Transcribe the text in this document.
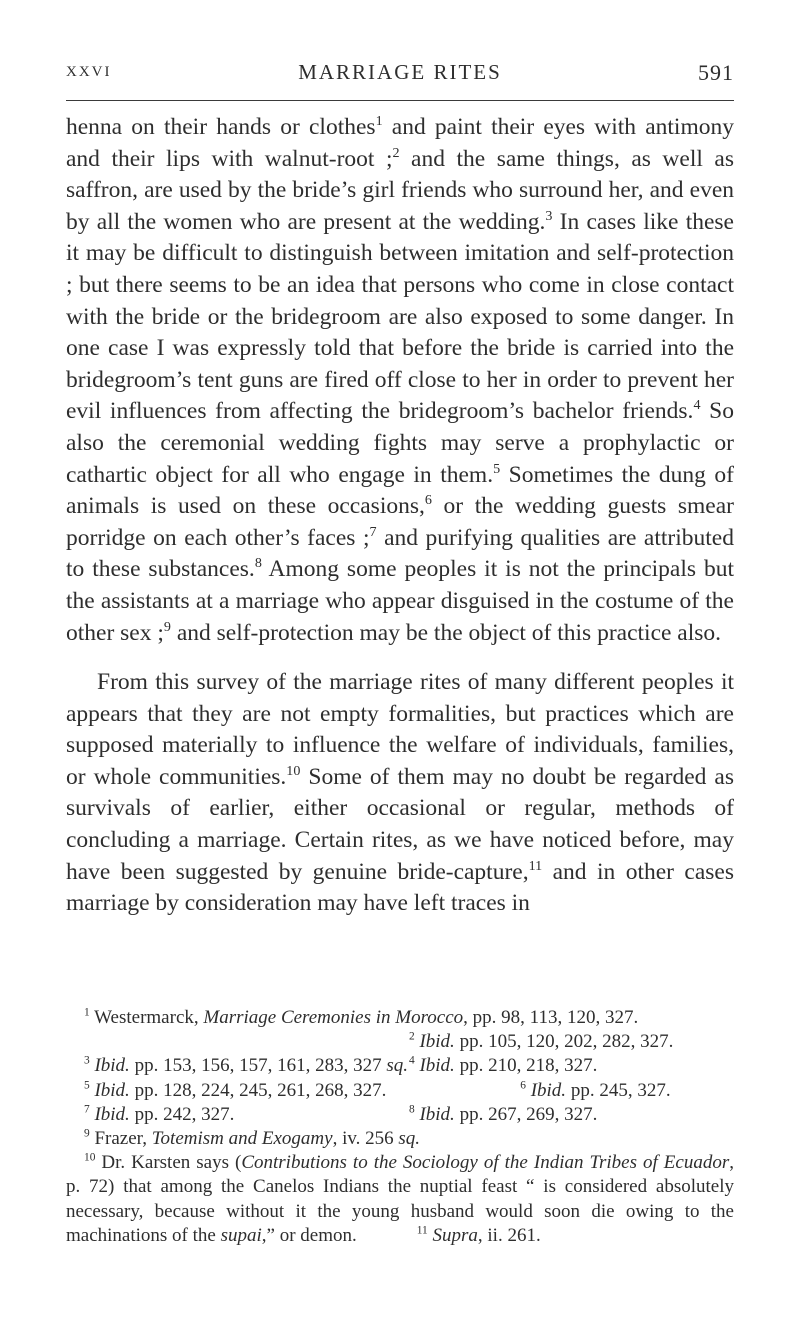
XXVI	MARRIAGE RITES	591

henna on their hands or clothes$^1$ and paint their eyes with antimony and their lips with walnut-root ;$^2$ and the same things, as well as saffron, are used by the bride’s girl friends who surround her, and even by all the women who are present at the wedding.$^3$ In cases like these it may be difficult to distinguish between imitation and self-protection ; but there seems to be an idea that persons who come in close contact with the bride or the bridegroom are also exposed to some danger. In one case I was expressly told that before the bride is carried into the bridegroom’s tent guns are fired off close to her in order to prevent her evil influences from affecting the bridegroom’s bachelor friends.$^4$ So also the ceremonial wedding fights may serve a prophylactic or cathartic object for all who engage in them.$^5$ Sometimes the dung of animals is used on these occasions,$^6$ or the wedding guests smear porridge on each other’s faces ;$^7$ and purifying qualities are attributed to these substances.$^8$ Among some peoples it is not the principals but the assistants at a marriage who appear disguised in the costume of the other sex ;$^9$ and self-protection may be the object of this practice also.

From this survey of the marriage rites of many different peoples it appears that they are not empty formalities, but practices which are supposed materially to influence the welfare of individuals, families, or whole communities.$^{10}$ Some of them may no doubt be regarded as survivals of earlier, either occasional or regular, methods of concluding a marriage. Certain rites, as we have noticed before, may have been suggested by genuine bride-capture,$^{11}$ and in other cases marriage by consideration may have left traces in

$^1$ Westermarck, Marriage Ceremonies in Morocco, pp. 98, 113, 120, 327.
$^2$ Ibid. pp. 105, 120, 202, 282, 327.
$^3$ Ibid. pp. 153, 156, 157, 161, 283, 327 sq. $^4$ Ibid. pp. 210, 218, 327.
$^5$ Ibid. pp. 128, 224, 245, 261, 268, 327.	$^6$ Ibid. pp. 245, 327.
$^7$ Ibid. pp. 242, 327.	$^8$ Ibid. pp. 267, 269, 327.
$^9$ Frazer, Totemism and Exogamy, iv. 256 sq.
$^{10}$ Dr. Karsten says (Contributions to the Sociology of the Indian Tribes of Ecuador, p. 72) that among the Canelos Indians the nuptial feast “ is considered absolutely necessary, because without it the young husband would soon die owing to the machinations of the supai,” or demon.	$^{11}$ Supra, ii. 261.
